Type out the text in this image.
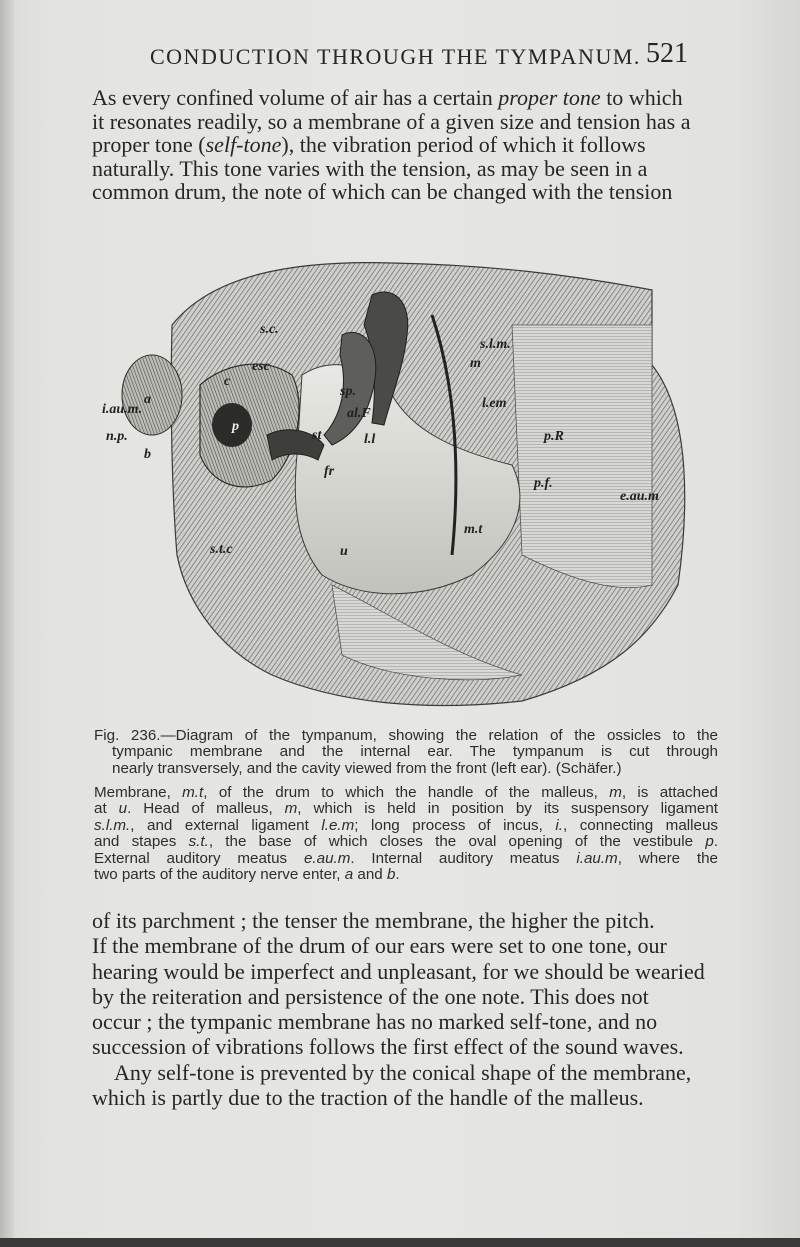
CONDUCTION THROUGH THE TYMPANUM. 521
As every confined volume of air has a certain proper tone to which
it resonates readily, so a membrane of a given size and tension has a
proper tone (self-tone), the vibration period of which it follows
naturally. This tone varies with the tension, as may be seen in a
common drum, the note of which can be changed with the tension
i.au.m.
a
b
n.p.
c
esc
p
s.c.
sp.
al.F
st	l.l
fr
u
s.t.c
s.l.m.
m
l.em
p.R
p.f.
e.au.m
m.t
Fig. 236.—Diagram of the tympanum, showing the relation of the ossicles to the
tympanic membrane and the internal ear. The tympanum is cut through
nearly transversely, and the cavity viewed from the front (left ear). (Schäfer.)
Membrane, m.t, of the drum to which the handle of the malleus, m, is attached
at u. Head of malleus, m, which is held in position by its suspensory ligament
s.l.m., and external ligament l.e.m; long process of incus, i., connecting malleus
and stapes s.t., the base of which closes the oval opening of the vestibule p.
External auditory meatus e.au.m. Internal auditory meatus i.au.m, where the
two parts of the auditory nerve enter, a and b.
of its parchment ; the tenser the membrane, the higher the pitch.
If the membrane of the drum of our ears were set to one tone, our
hearing would be imperfect and unpleasant, for we should be wearied
by the reiteration and persistence of the one note. This does not
occur ; the tympanic membrane has no marked self-tone, and no
succession of vibrations follows the first effect of the sound waves.
Any self-tone is prevented by the conical shape of the membrane,
which is partly due to the traction of the handle of the malleus.
